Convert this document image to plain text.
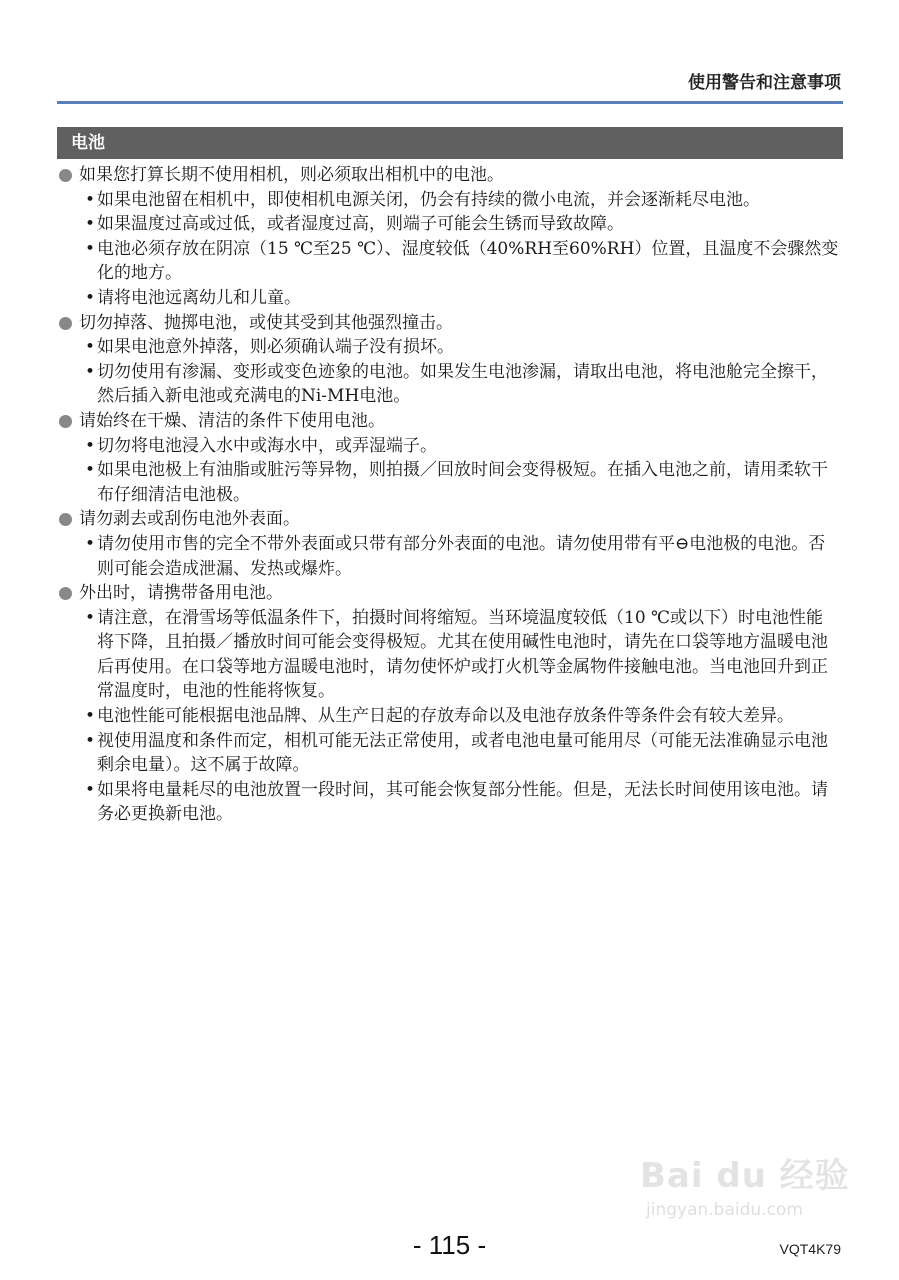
使用警告和注意事项
电池
如果您打算长期不使用相机，则必须取出相机中的电池。
• 如果电池留在相机中，即使相机电源关闭，仍会有持续的微小电流，并会逐渐耗尽电池。
• 如果温度过高或过低，或者湿度过高，则端子可能会生锈而导致故障。
• 电池必须存放在阴凉（15 ℃至25 ℃）、湿度较低（40%RH至60%RH）位置，且温度不会骤然变化的地方。
• 请将电池远离幼儿和儿童。
切勿掉落、抛掷电池，或使其受到其他强烈撞击。
• 如果电池意外掉落，则必须确认端子没有损坏。
• 切勿使用有渗漏、变形或变色迹象的电池。如果发生电池渗漏，请取出电池，将电池舱完全擦干，然后插入新电池或充满电的Ni-MH电池。
请始终在干燥、清洁的条件下使用电池。
• 切勿将电池浸入水中或海水中，或弄湿端子。
• 如果电池极上有油脂或脏污等异物，则拍摄／回放时间会变得极短。在插入电池之前，请用柔软干布仔细清洁电池极。
请勿剥去或刮伤电池外表面。
• 请勿使用市售的完全不带外表面或只带有部分外表面的电池。请勿使用带有平⊖电池极的电池。否则可能会造成泄漏、发热或爆炸。
外出时，请携带备用电池。
• 请注意，在滑雪场等低温条件下，拍摄时间将缩短。当环境温度较低（10 ℃或以下）时电池性能将下降，且拍摄／播放时间可能会变得极短。尤其在使用碱性电池时，请先在口袋等地方温暖电池后再使用。在口袋等地方温暖电池时，请勿使怀炉或打火机等金属物件接触电池。当电池回升到正常温度时，电池的性能将恢复。
• 电池性能可能根据电池品牌、从生产日起的存放寿命以及电池存放条件等条件会有较大差异。
• 视使用温度和条件而定，相机可能无法正常使用，或者电池电量可能用尽（可能无法准确显示电池剩余电量）。这不属于故障。
• 如果将电量耗尽的电池放置一段时间，其可能会恢复部分性能。但是，无法长时间使用该电池。请务必更换新电池。
Bai du 经验
jingyan.baidu.com
- 115 -	VQT4K79
